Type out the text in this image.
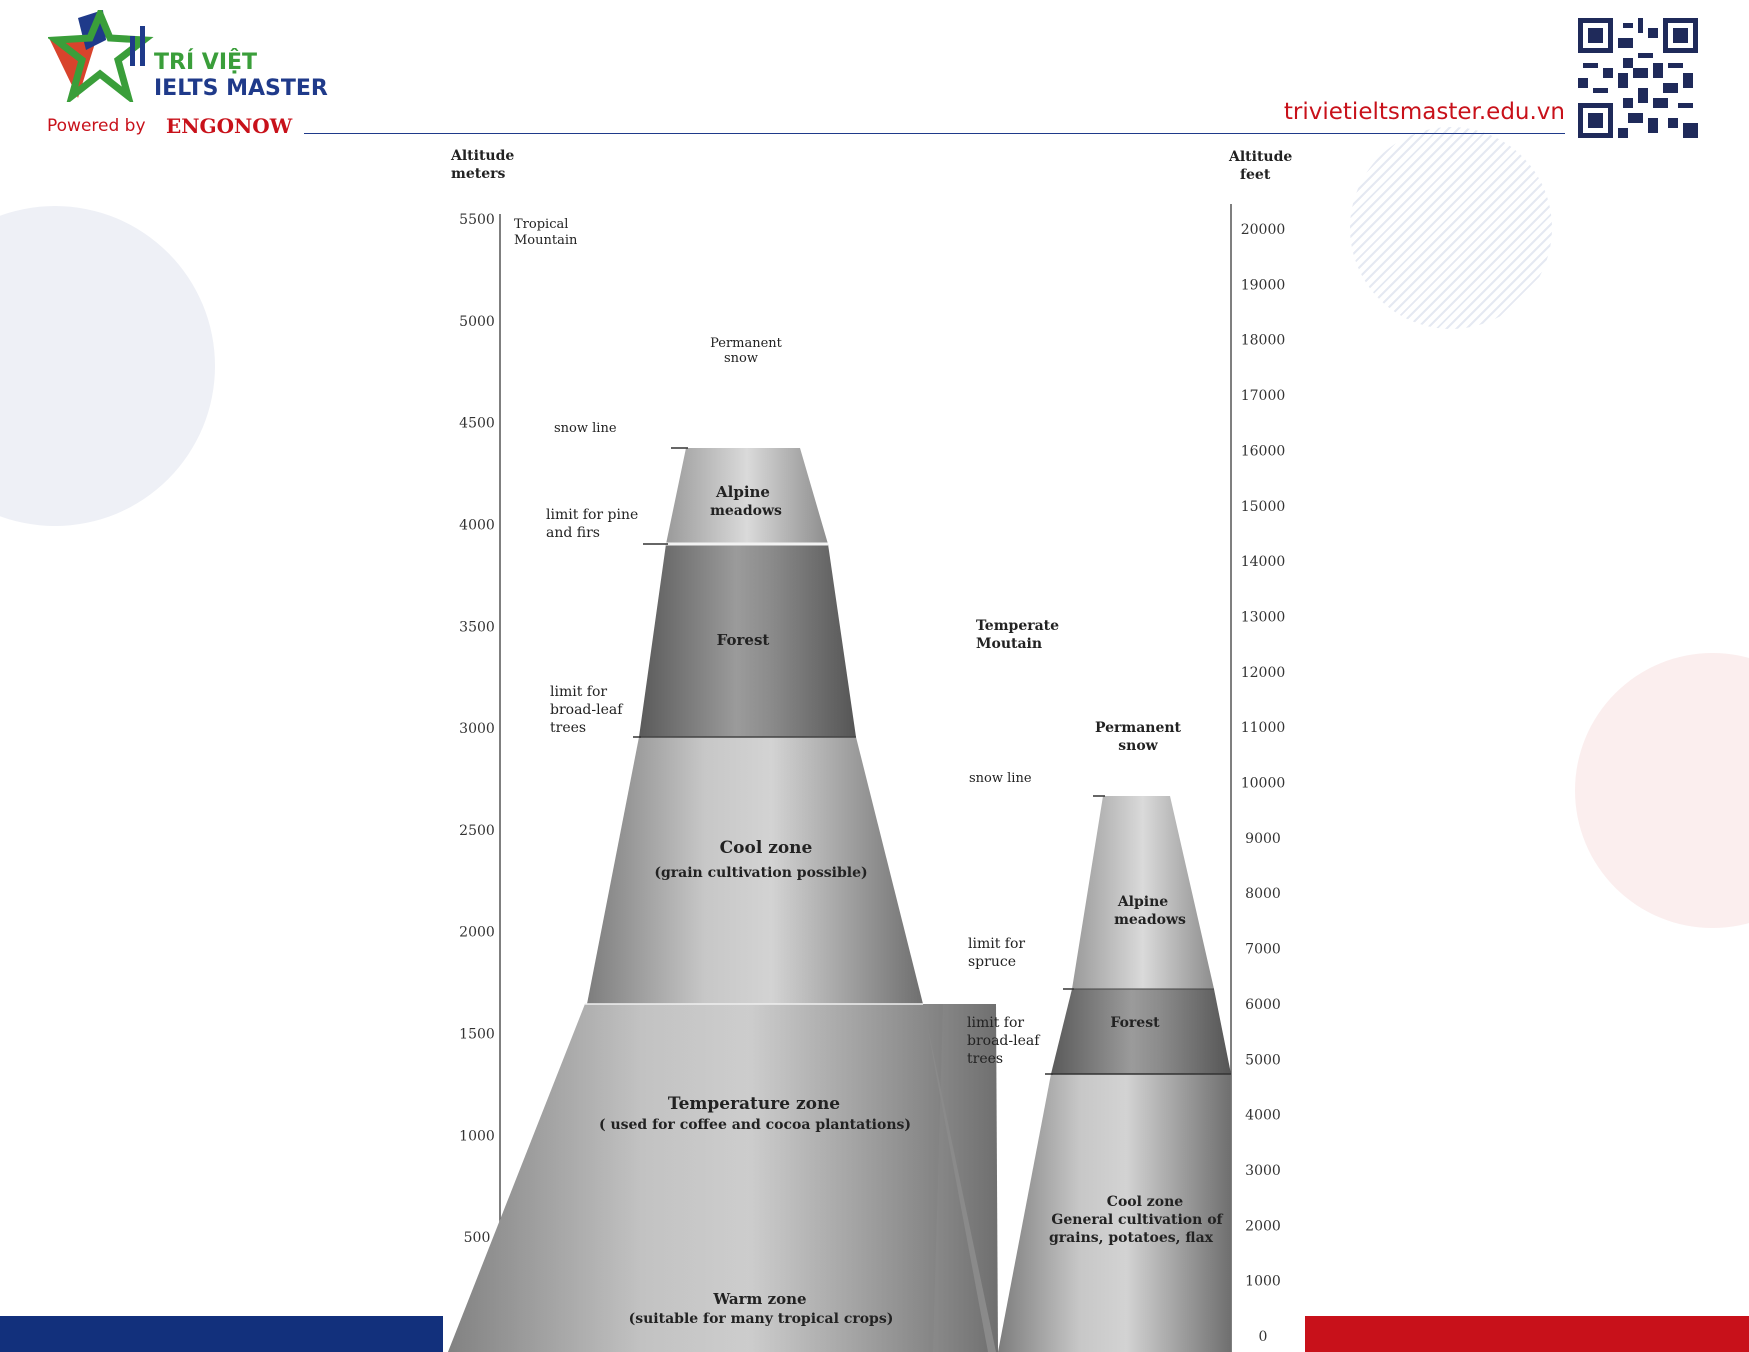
TRÍ VIỆT
IELTS MASTER
Powered by ENGONOW
trivietieltsmaster.edu.vn
Altitude
meters
5500
5000
4500
4000
3500
3000
2500
2000
1500
1000
500
Altitude
feet
20000
19000
18000
17000
16000
15000
14000
13000
12000
11000
10000
9000
8000
7000
6000
5000
4000
3000
2000
1000
0
Tropical
Mountain
Permanent
snow
snow line
limit for pine
and firs
limit for
broad-leaf
trees
Alpine
meadows
Forest
Cool zone
(grain cultivation possible)
Temperature zone
( used for coffee and cocoa plantations)
Warm zone
(suitable for many tropical crops)
Temperate
Moutain
Permanent
snow
snow line
limit for
spruce
limit for
broad-leaf
trees
Alpine
meadows
Forest
Cool zone
General cultivation of
grains, potatoes, flax
